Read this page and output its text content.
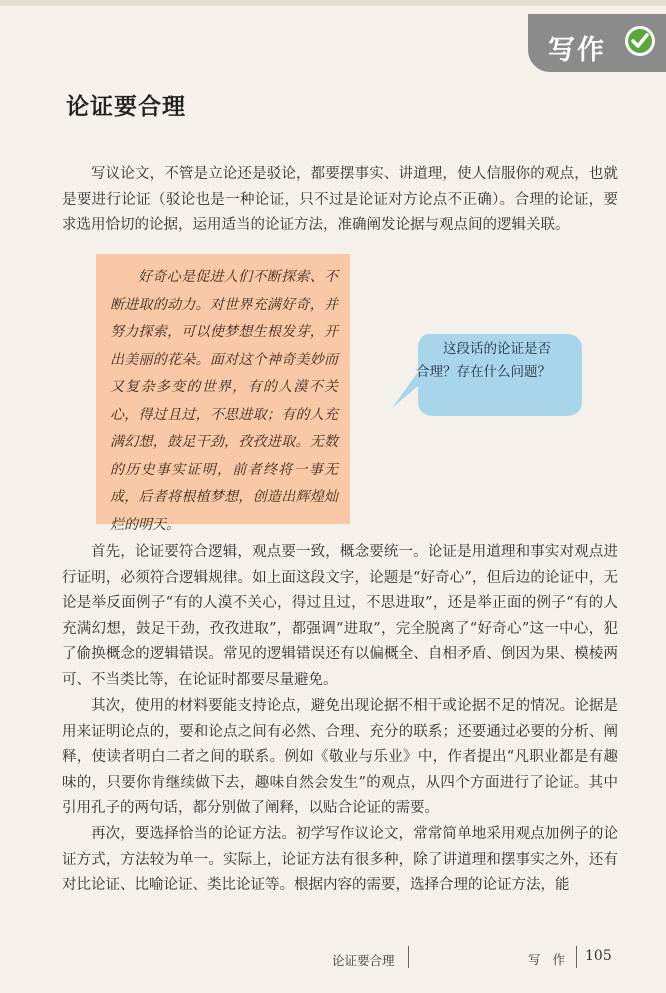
写作
论证要合理

写议论文，不管是立论还是驳论，都要摆事实、讲道理，使人信服你的观点，也就是要进行论证（驳论也是一种论证，只不过是论证对方论点不正确）。合理的论证，要求选用恰切的论据，运用适当的论证方法，准确阐发论据与观点间的逻辑关联。

好奇心是促进人们不断探索、不断进取的动力。对世界充满好奇，并努力探索，可以使梦想生根发芽，开出美丽的花朵。面对这个神奇美妙而又复杂多变的世界，有的人漠不关心，得过且过，不思进取；有的人充满幻想，鼓足干劲，孜孜进取。无数的历史事实证明，前者终将一事无成，后者将根植梦想，创造出辉煌灿烂的明天。

这段话的论证是否合理？存在什么问题？

首先，论证要符合逻辑，观点要一致，概念要统一。论证是用道理和事实对观点进行证明，必须符合逻辑规律。如上面这段文字，论题是“好奇心”，但后边的论证中，无论是举反面例子“有的人漠不关心，得过且过，不思进取”，还是举正面的例子“有的人充满幻想，鼓足干劲，孜孜进取”，都强调“进取”，完全脱离了“好奇心”这一中心，犯了偷换概念的逻辑错误。常见的逻辑错误还有以偏概全、自相矛盾、倒因为果、模棱两可、不当类比等，在论证时都要尽量避免。

其次，使用的材料要能支持论点，避免出现论据不相干或论据不足的情况。论据是用来证明论点的，要和论点之间有必然、合理、充分的联系；还要通过必要的分析、阐释，使读者明白二者之间的联系。例如《敬业与乐业》中，作者提出“凡职业都是有趣味的，只要你肯继续做下去，趣味自然会发生”的观点，从四个方面进行了论证。其中引用孔子的两句话，都分别做了阐释，以贴合论证的需要。

再次，要选择恰当的论证方法。初学写作议论文，常常简单地采用观点加例子的论证方式，方法较为单一。实际上，论证方法有很多种，除了讲道理和摆事实之外，还有对比论证、比喻论证、类比论证等。根据内容的需要，选择合理的论证方法，能

论证要合理	写 作 105
